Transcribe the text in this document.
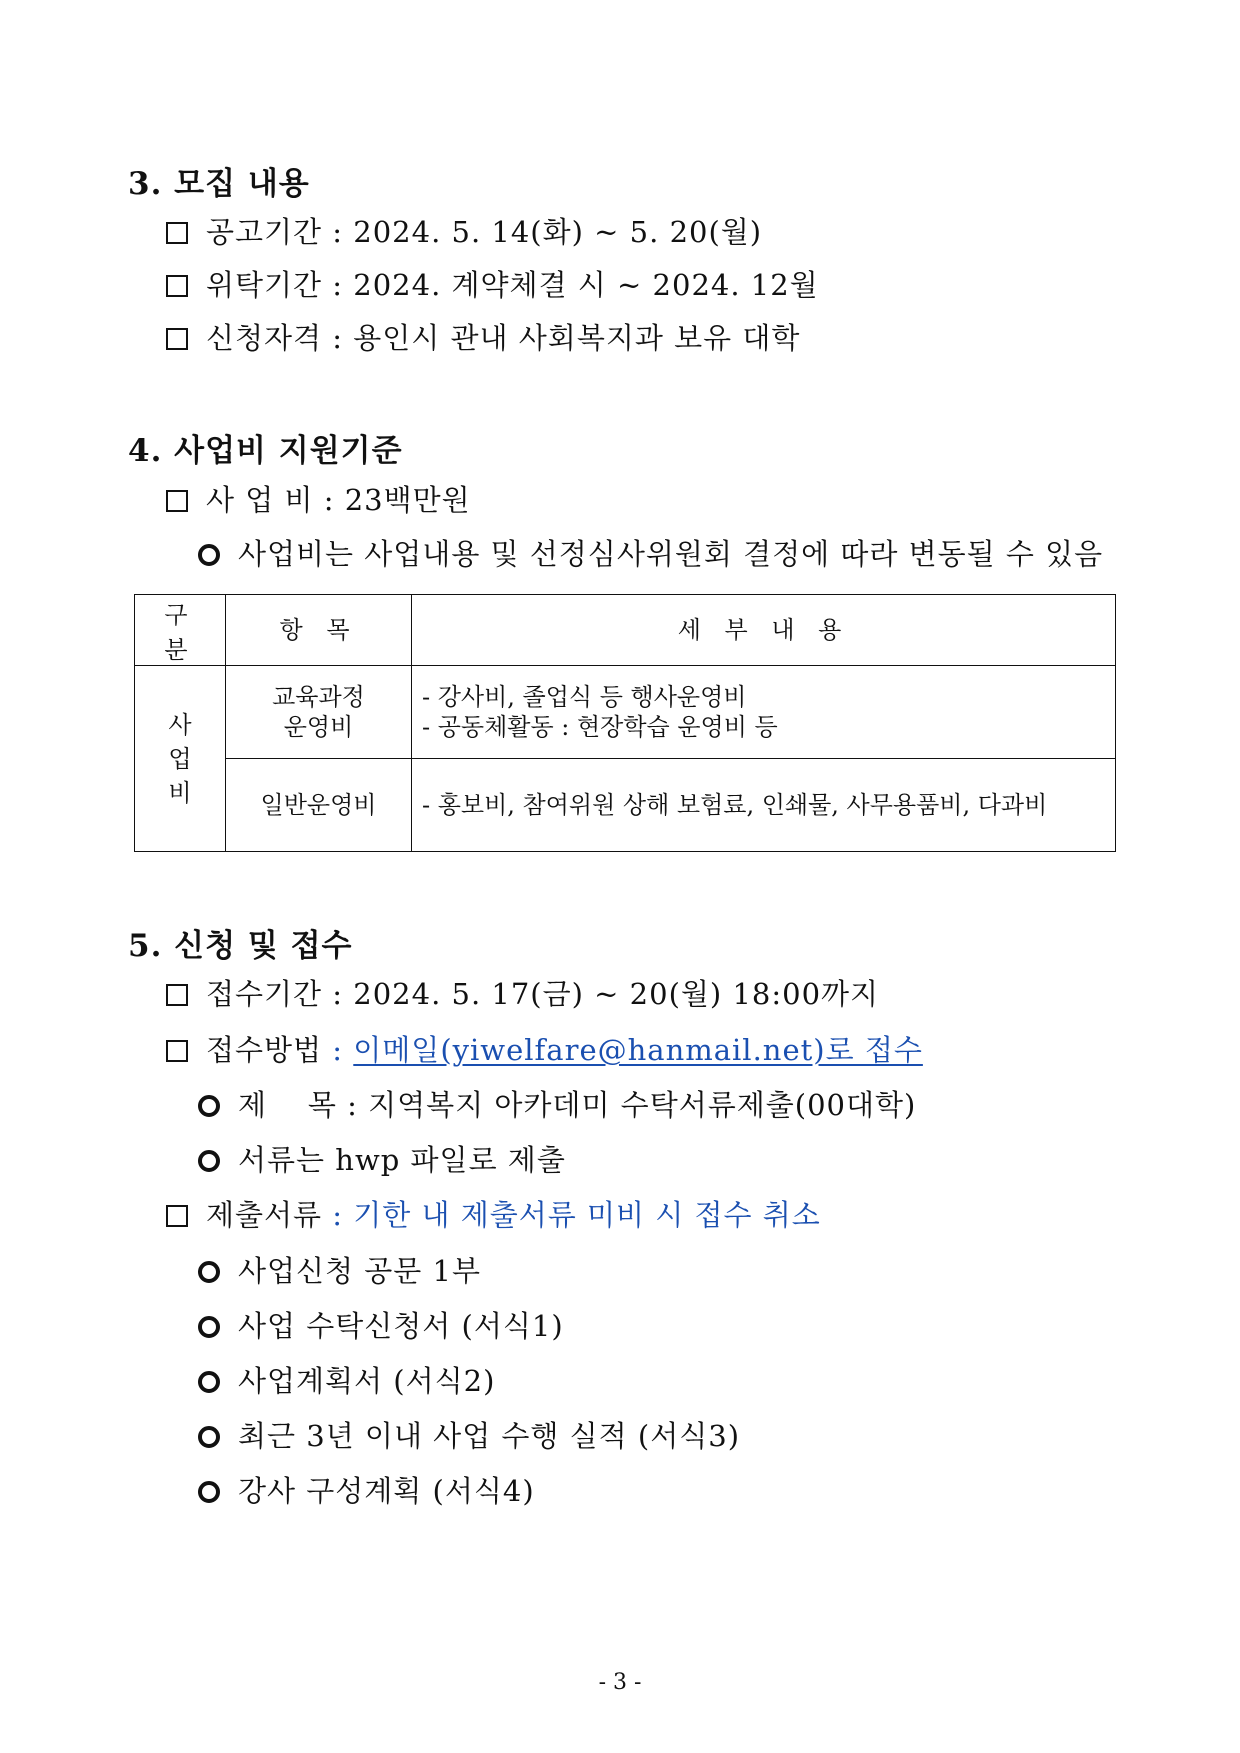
3. 모집 내용
공고기간 : 2024. 5. 14(화) ~ 5. 20(월)
위탁기간 : 2024. 계약체결 시 ~ 2024. 12월
신청자격 : 용인시 관내 사회복지과 보유 대학
4. 사업비 지원기준
사 업 비 : 23백만원
사업비는 사업내용 및 선정심사위원회 결정에 따라 변동될 수 있음
구 분	항 목	세 부 내 용
사업비	교육과정 운영비	- 강사비, 졸업식 등 행사운영비
- 공동체활동 : 현장학습 운영비 등

	일반운영비	- 홍보비, 참여위원 상해 보험료, 인쇄물, 사무용품비, 다과비
5. 신청 및 접수
접수기간 : 2024. 5. 17(금) ~ 20(월) 18:00까지
접수방법 : 이메일(yiwelfare@hanmail.net)로 접수
제    목 : 지역복지 아카데미 수탁서류제출(00대학)
서류는 hwp 파일로 제출
제출서류 : 기한 내 제출서류 미비 시 접수 취소
사업신청 공문 1부
사업 수탁신청서 (서식1)
사업계획서 (서식2)
최근 3년 이내 사업 수행 실적 (서식3)
강사 구성계획 (서식4)
- 3 -
